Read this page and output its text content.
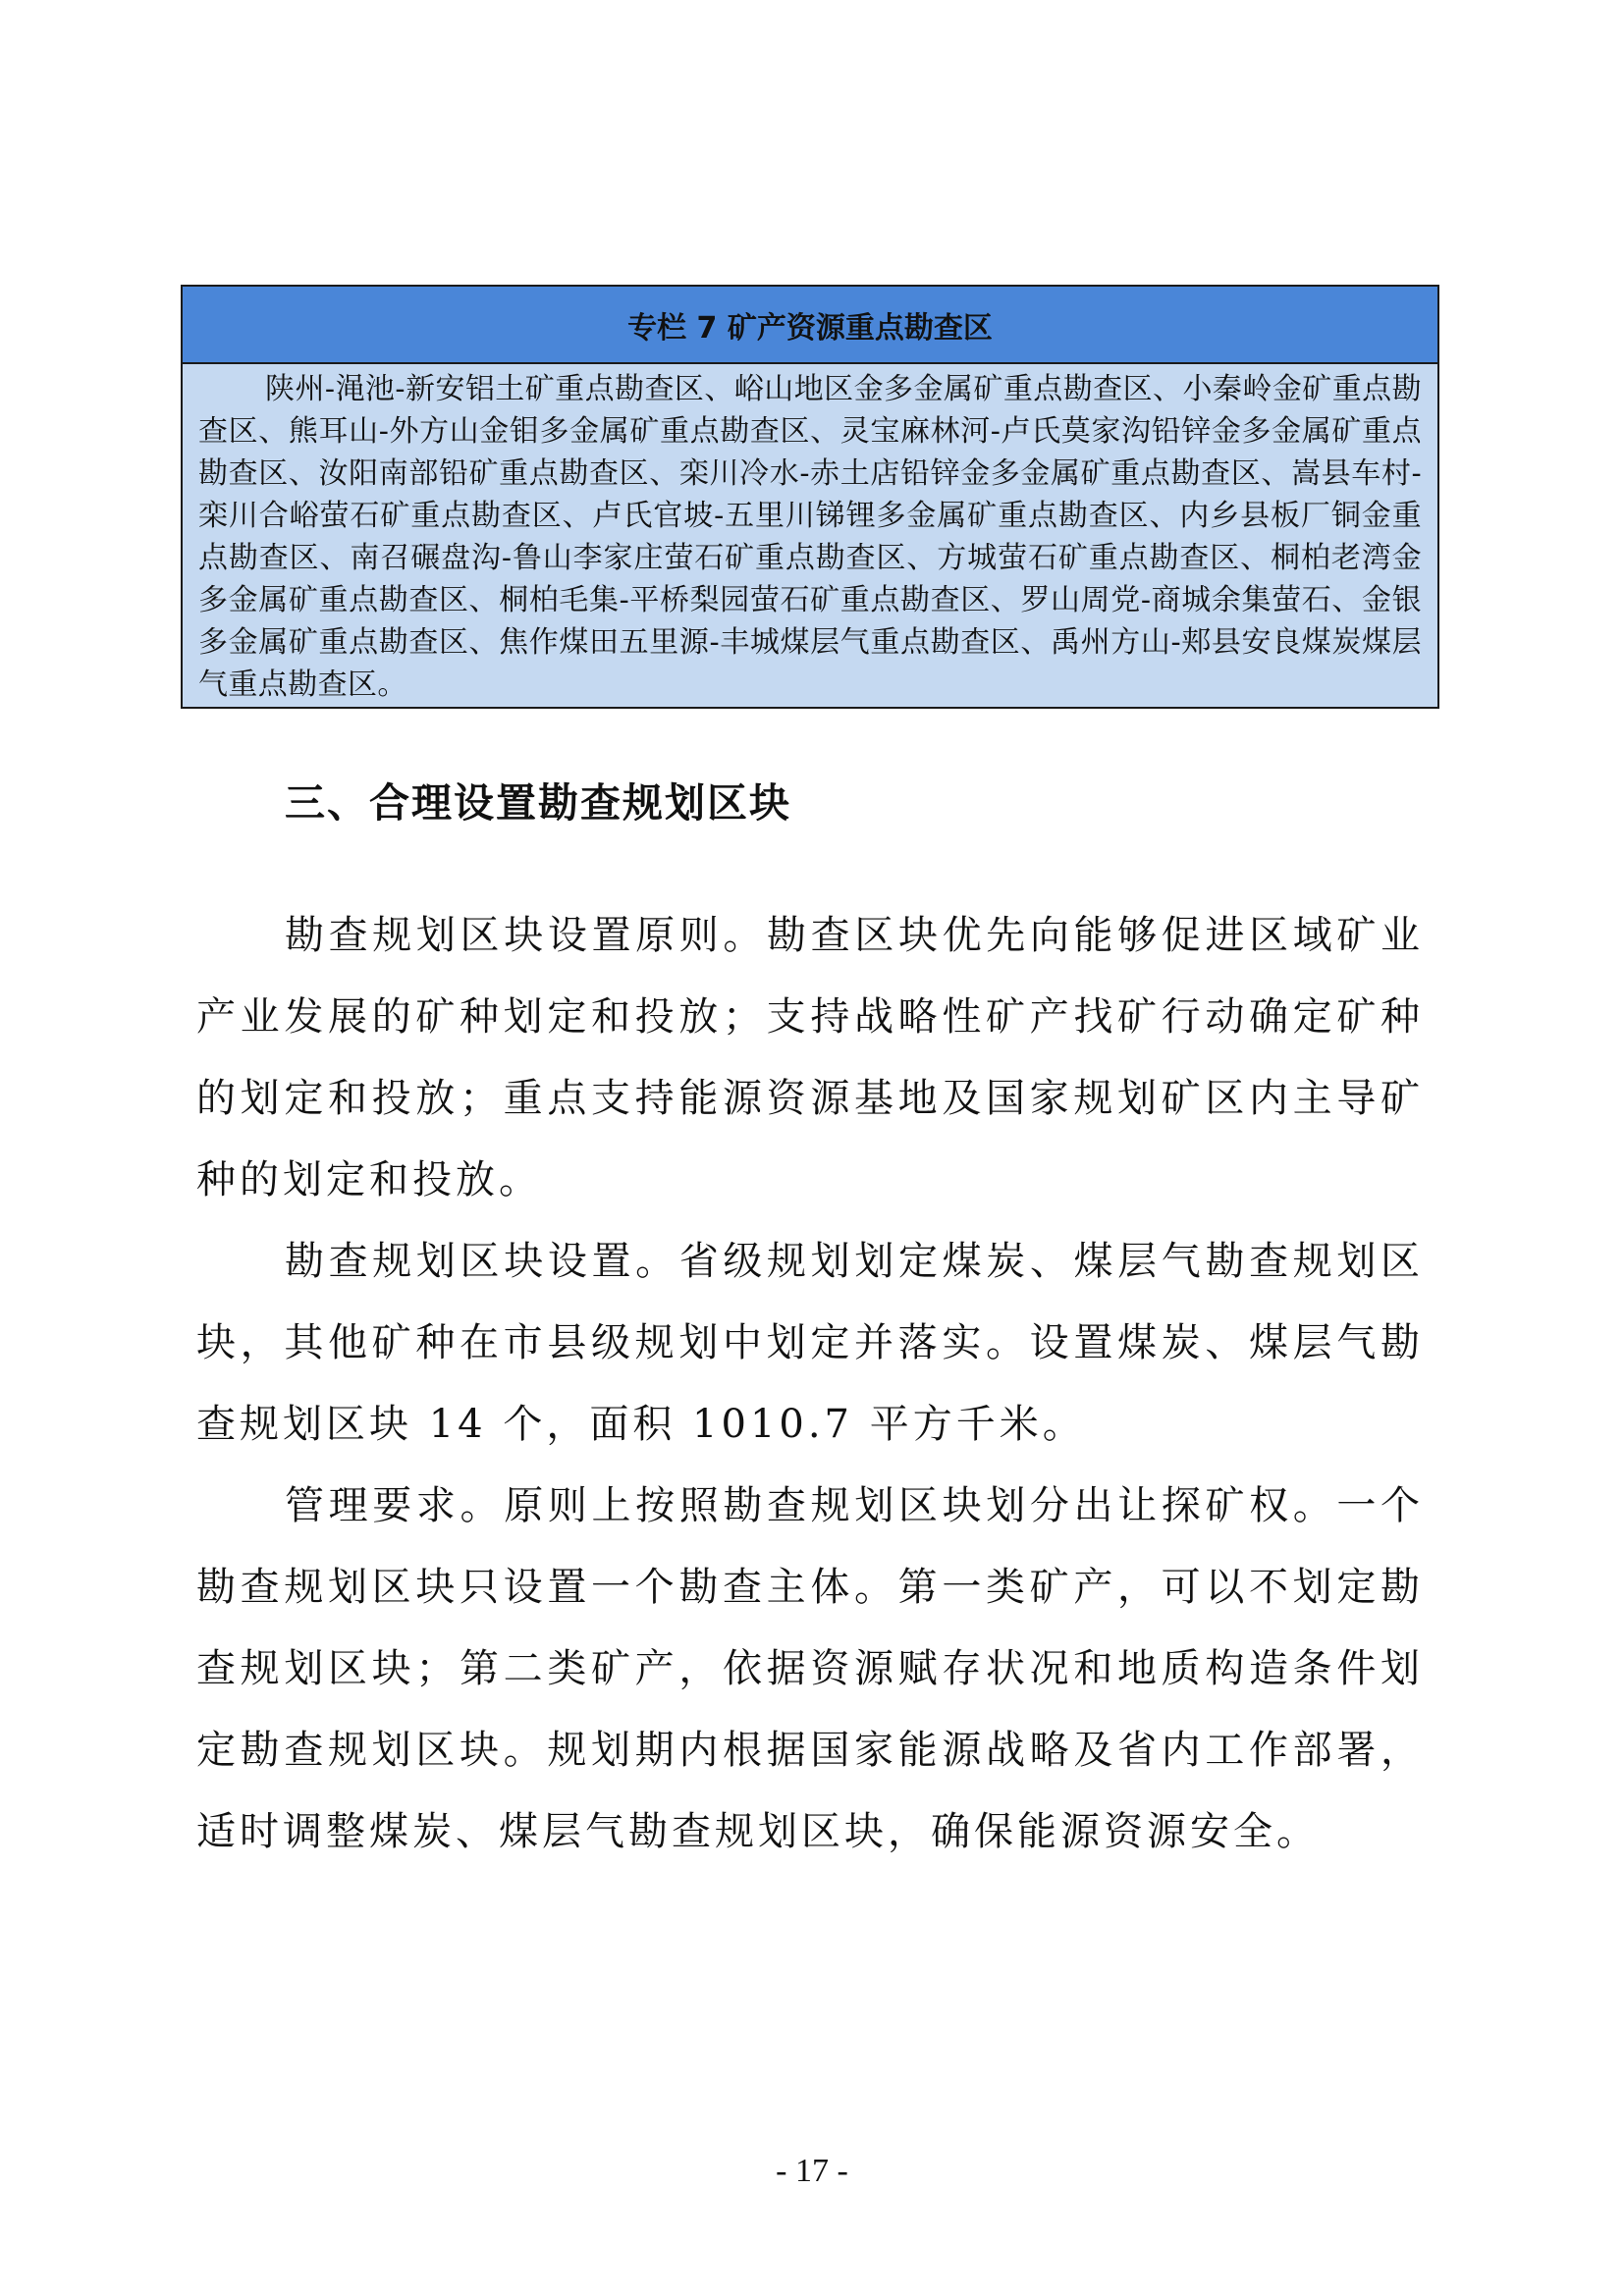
专栏 7 矿产资源重点勘查区
陕州-渑池-新安铝土矿重点勘查区、峪山地区金多金属矿重点勘查区、小秦岭金矿重点勘查区、熊耳山-外方山金钼多金属矿重点勘查区、灵宝麻林河-卢氏莫家沟铅锌金多金属矿重点勘查区、汝阳南部铅矿重点勘查区、栾川冷水-赤土店铅锌金多金属矿重点勘查区、嵩县车村-栾川合峪萤石矿重点勘查区、卢氏官坡-五里川锑锂多金属矿重点勘查区、内乡县板厂铜金重点勘查区、南召碾盘沟-鲁山李家庄萤石矿重点勘查区、方城萤石矿重点勘查区、桐柏老湾金多金属矿重点勘查区、桐柏毛集-平桥梨园萤石矿重点勘查区、罗山周党-商城余集萤石、金银多金属矿重点勘查区、焦作煤田五里源-丰城煤层气重点勘查区、禹州方山-郏县安良煤炭煤层气重点勘查区。
三、合理设置勘查规划区块

勘查规划区块设置原则。勘查区块优先向能够促进区域矿业产业发展的矿种划定和投放；支持战略性矿产找矿行动确定矿种的划定和投放；重点支持能源资源基地及国家规划矿区内主导矿种的划定和投放。

勘查规划区块设置。省级规划划定煤炭、煤层气勘查规划区块，其他矿种在市县级规划中划定并落实。设置煤炭、煤层气勘查规划区块 14 个，面积 1010.7 平方千米。

管理要求。原则上按照勘查规划区块划分出让探矿权。一个勘查规划区块只设置一个勘查主体。第一类矿产，可以不划定勘查规划区块；第二类矿产，依据资源赋存状况和地质构造条件划定勘查规划区块。规划期内根据国家能源战略及省内工作部署，适时调整煤炭、煤层气勘查规划区块，确保能源资源安全。

- 17 -
